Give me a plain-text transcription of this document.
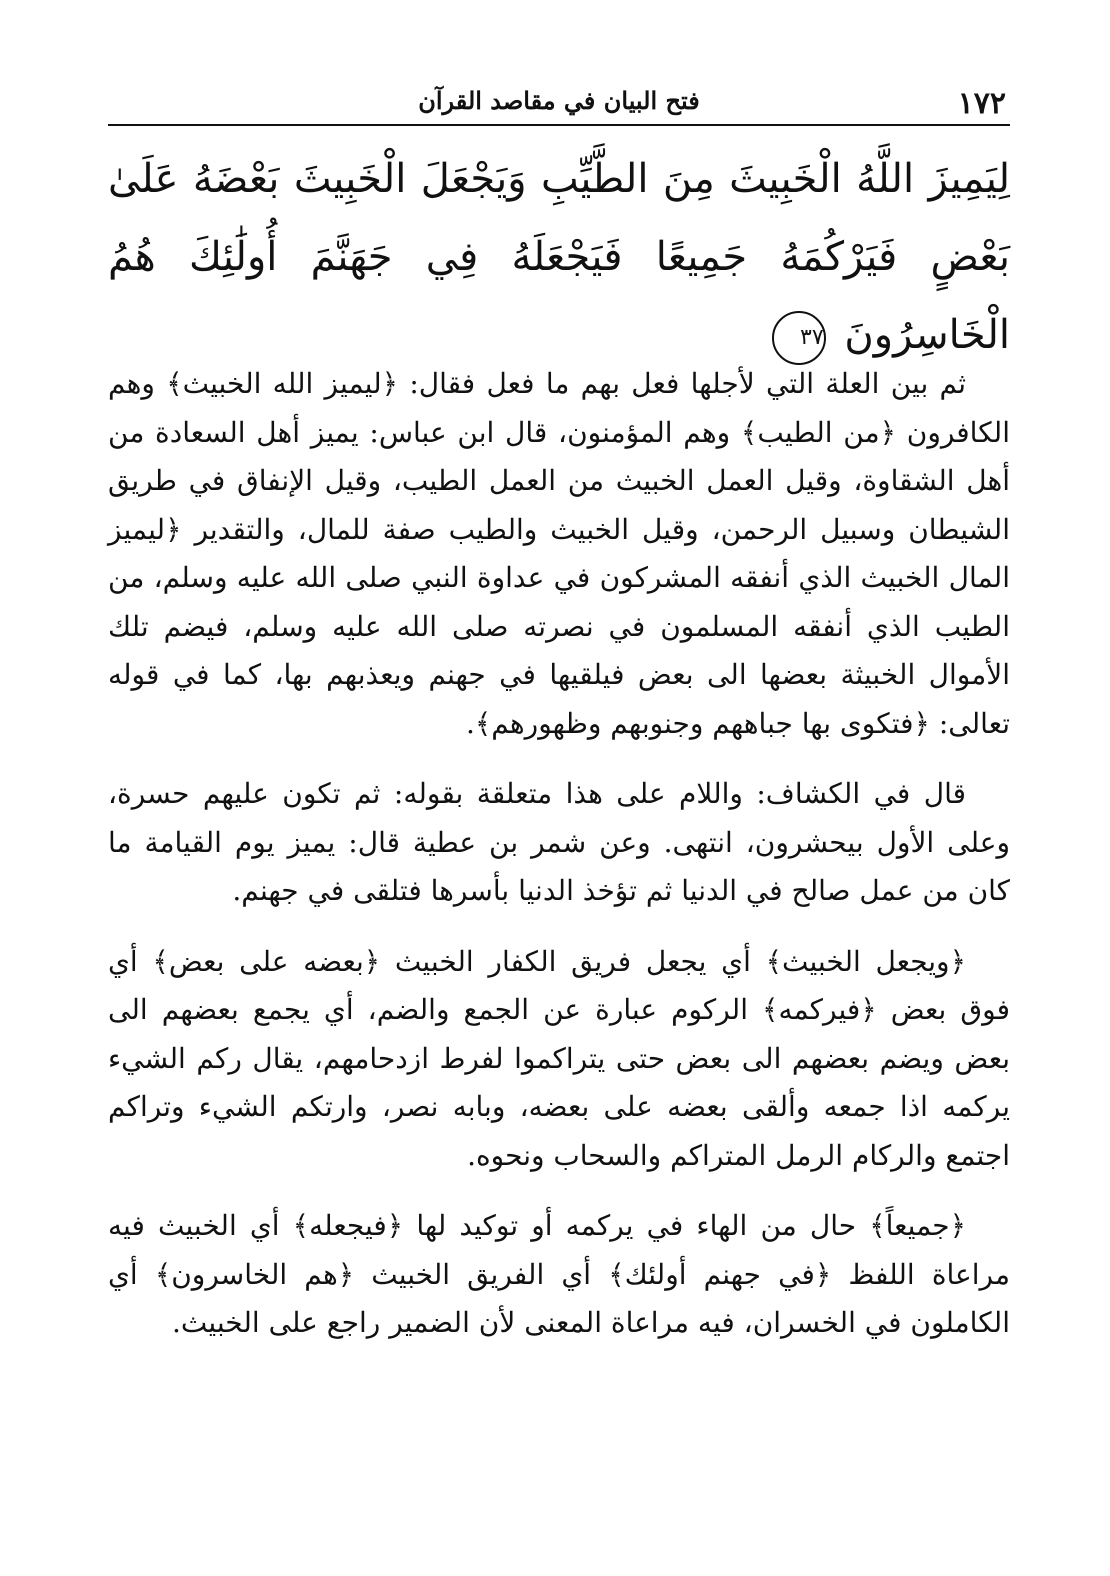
١٧٢
فتح البيان في مقاصد القرآن
لِيَمِيزَ اللَّهُ الْخَبِيثَ مِنَ الطَّيِّبِ وَيَجْعَلَ الْخَبِيثَ بَعْضَهُ عَلَىٰ بَعْضٍ فَيَرْكُمَهُ جَمِيعًا فَيَجْعَلَهُ فِي جَهَنَّمَ أُولَٰئِكَ هُمُ الْخَاسِرُونَ ٣٧

ثم بين العلة التي لأجلها فعل بهم ما فعل فقال: ﴿ليميز الله الخبيث﴾ وهم الكافرون ﴿من الطيب﴾ وهم المؤمنون، قال ابن عباس: يميز أهل السعادة من أهل الشقاوة، وقيل العمل الخبيث من العمل الطيب، وقيل الإنفاق في طريق الشيطان وسبيل الرحمن، وقيل الخبيث والطيب صفة للمال، والتقدير ﴿ليميز المال الخبيث الذي أنفقه المشركون في عداوة النبي صلى الله عليه وسلم، من الطيب الذي أنفقه المسلمون في نصرته صلى الله عليه وسلم، فيضم تلك الأموال الخبيثة بعضها الى بعض فيلقيها في جهنم ويعذبهم بها، كما في قوله تعالى: ﴿فتكوى بها جباههم وجنوبهم وظهورهم﴾.

قال في الكشاف: واللام على هذا متعلقة بقوله: ثم تكون عليهم حسرة، وعلى الأول بيحشرون، انتهى. وعن شمر بن عطية قال: يميز يوم القيامة ما كان من عمل صالح في الدنيا ثم تؤخذ الدنيا بأسرها فتلقى في جهنم.

﴿ويجعل الخبيث﴾ أي يجعل فريق الكفار الخبيث ﴿بعضه على بعض﴾ أي فوق بعض ﴿فيركمه﴾ الركوم عبارة عن الجمع والضم، أي يجمع بعضهم الى بعض ويضم بعضهم الى بعض حتى يتراكموا لفرط ازدحامهم، يقال ركم الشيء يركمه اذا جمعه وألقى بعضه على بعضه، وبابه نصر، وارتكم الشيء وتراكم اجتمع والركام الرمل المتراكم والسحاب ونحوه.

﴿جميعاً﴾ حال من الهاء في يركمه أو توكيد لها ﴿فيجعله﴾ أي الخبيث فيه مراعاة اللفظ ﴿في جهنم أولئك﴾ أي الفريق الخبيث ﴿هم الخاسرون﴾ أي الكاملون في الخسران، فيه مراعاة المعنى لأن الضمير راجع على الخبيث.
